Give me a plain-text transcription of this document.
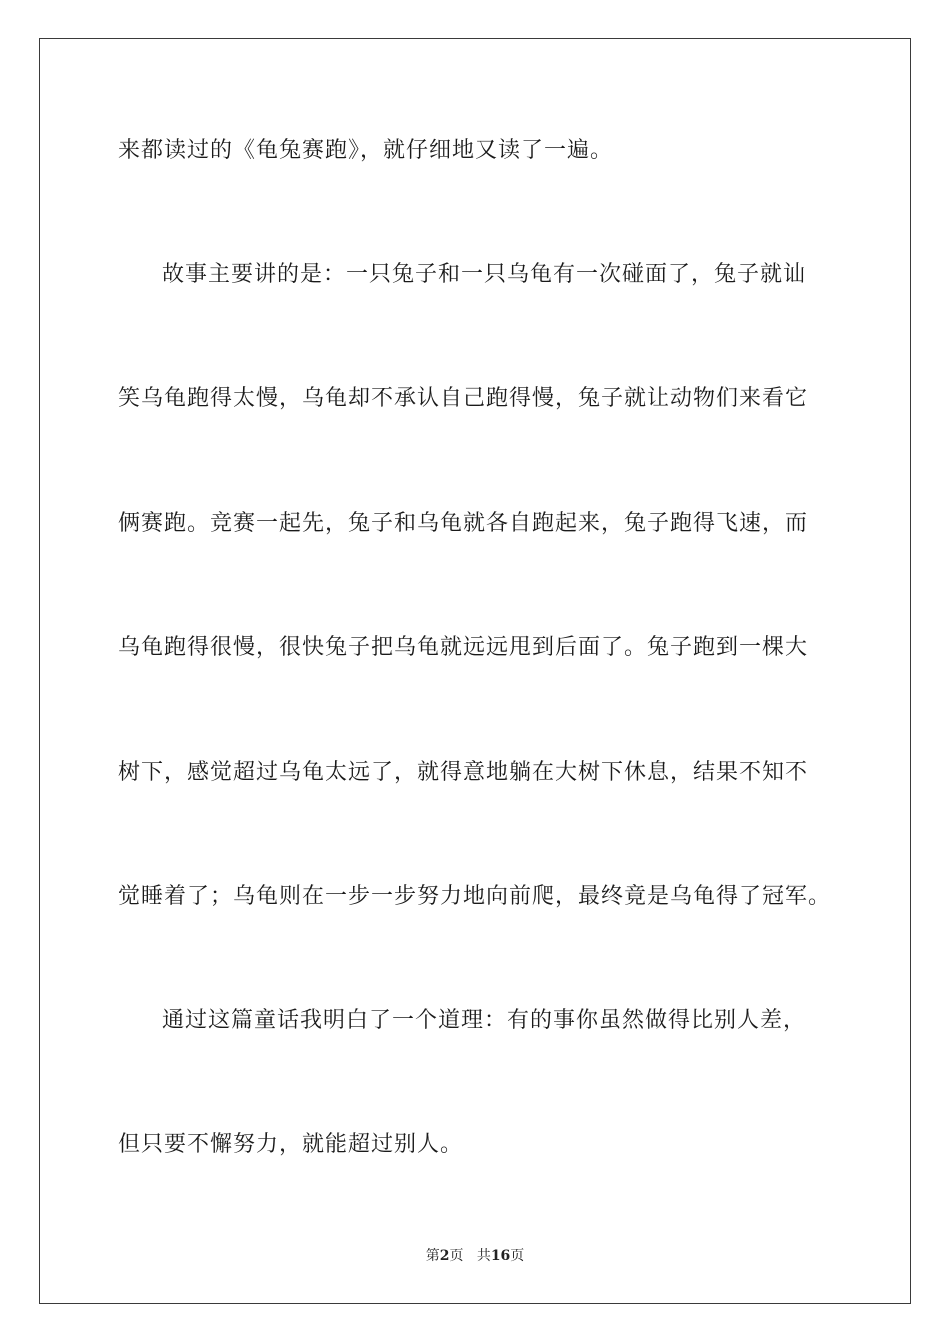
来都读过的《龟兔赛跑》，就仔细地又读了一遍。
故事主要讲的是：一只兔子和一只乌龟有一次碰面了，兔子就讪
笑乌龟跑得太慢，乌龟却不承认自己跑得慢，兔子就让动物们来看它
俩赛跑。竞赛一起先，兔子和乌龟就各自跑起来，兔子跑得飞速，而
乌龟跑得很慢，很快兔子把乌龟就远远甩到后面了。兔子跑到一棵大
树下，感觉超过乌龟太远了，就得意地躺在大树下休息，结果不知不
觉睡着了；乌龟则在一步一步努力地向前爬，最终竟是乌龟得了冠军。
通过这篇童话我明白了一个道理：有的事你虽然做得比别人差，
但只要不懈努力，就能超过别人。
第2页 共16页
